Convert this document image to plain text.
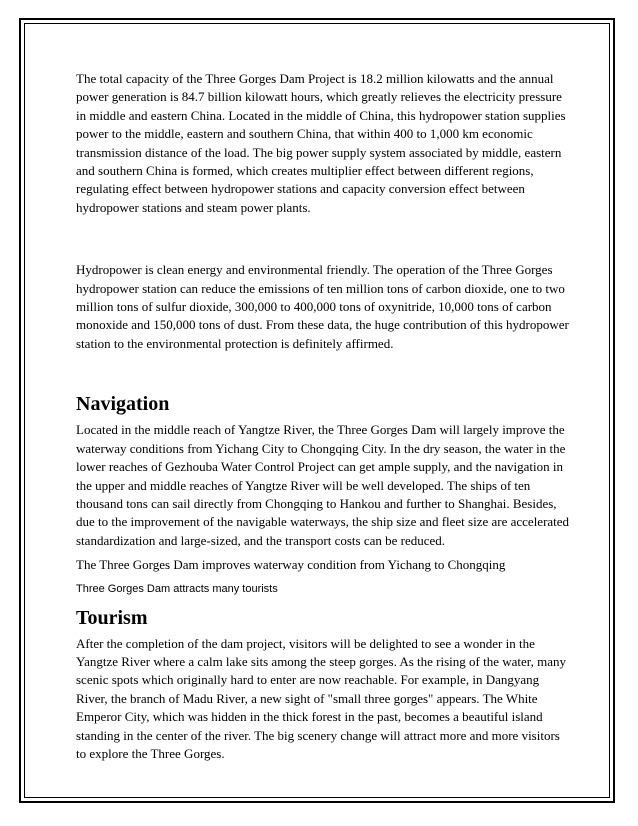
The total capacity of the Three Gorges Dam Project is 18.2 million kilowatts and the annual power generation is 84.7 billion kilowatt hours, which greatly relieves the electricity pressure in middle and eastern China. Located in the middle of China, this hydropower station supplies power to the middle, eastern and southern China, that within 400 to 1,000 km economic transmission distance of the load. The big power supply system associated by middle, eastern and southern China is formed, which creates multiplier effect between different regions, regulating effect between hydropower stations and capacity conversion effect between hydropower stations and steam power plants.

Hydropower is clean energy and environmental friendly. The operation of the Three Gorges hydropower station can reduce the emissions of ten million tons of carbon dioxide, one to two million tons of sulfur dioxide, 300,000 to 400,000 tons of oxynitride, 10,000 tons of carbon monoxide and 150,000 tons of dust. From these data, the huge contribution of this hydropower station to the environmental protection is definitely affirmed.

Navigation

Located in the middle reach of Yangtze River, the Three Gorges Dam will largely improve the waterway conditions from Yichang City to Chongqing City. In the dry season, the water in the lower reaches of Gezhouba Water Control Project can get ample supply, and the navigation in the upper and middle reaches of Yangtze River will be well developed. The ships of ten thousand tons can sail directly from Chongqing to Hankou and further to Shanghai. Besides, due to the improvement of the navigable waterways, the ship size and fleet size are accelerated standardization and large-sized, and the transport costs can be reduced.

The Three Gorges Dam improves waterway condition from Yichang to Chongqing

Three Gorges Dam attracts many tourists

Tourism

After the completion of the dam project, visitors will be delighted to see a wonder in the Yangtze River where a calm lake sits among the steep gorges. As the rising of the water, many scenic spots which originally hard to enter are now reachable. For example, in Dangyang River, the branch of Madu River, a new sight of "small three gorges" appears. The White Emperor City, which was hidden in the thick forest in the past, becomes a beautiful island standing in the center of the river. The big scenery change will attract more and more visitors to explore the Three Gorges.
